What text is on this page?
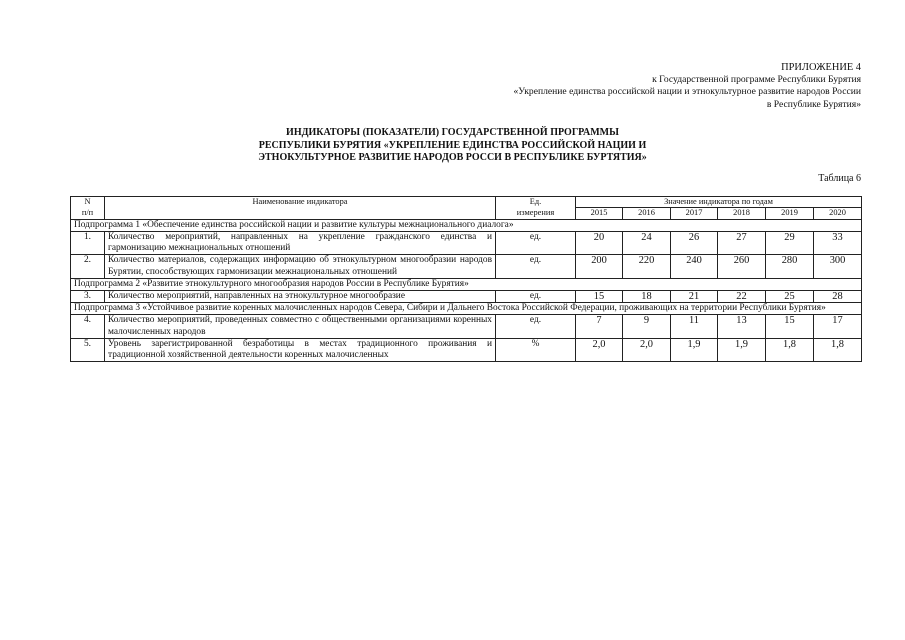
ПРИЛОЖЕНИЕ 4
к Государственной программе Республики Бурятия
«Укрепление единства российской нации и этнокультурное развитие народов России
в Республике Бурятия»
ИНДИКАТОРЫ (ПОКАЗАТЕЛИ) ГОСУДАРСТВЕННОЙ ПРОГРАММЫ
РЕСПУБЛИКИ БУРЯТИЯ «УКРЕПЛЕНИЕ ЕДИНСТВА РОССИЙСКОЙ НАЦИИ И
ЭТНОКУЛЬТУРНОЕ РАЗВИТИЕ НАРОДОВ РОССИ В РЕСПУБЛИКЕ БУРТЯТИЯ»
Таблица 6
N	Наименование индикатора	Ед.	Значение индикатора по годам					
п/п		измерения	2015	2016	2017	2018	2019	2020
Подпрограмма 1 «Обеспечение единства российской нации и развитие культуры межнационального диалога»								
1.	Количество мероприятий, направленных на укрепление гражданского единства и гармонизацию межнациональных отношений	ед.	20	24	26	27	29	33
2.	Количество материалов, содержащих информацию об этнокультурном многообразии народов Бурятии, способствующих гармонизации межнациональных отношений	ед.	200	220	240	260	280	300
Подпрограмма 2 «Развитие этнокультурного многообразия народов России в Республике Бурятия»								
3.	Количество мероприятий, направленных на этнокультурное многообразие	ед.	15	18	21	22	25	28
Подпрограмма 3 «Устойчивое развитие коренных малочисленных народов Севера, Сибири и Дальнего Востока Российской Федерации, проживающих на территории Республики Бурятия»								
4.	Количество мероприятий, проведенных совместно с общественными организациями коренных малочисленных народов	ед.	7	9	11	13	15	17
5.	Уровень зарегистрированной безработицы в местах традиционного проживания и традиционной хозяйственной деятельности коренных малочисленных	%	2,0	2,0	1,9	1,9	1,8	1,8
